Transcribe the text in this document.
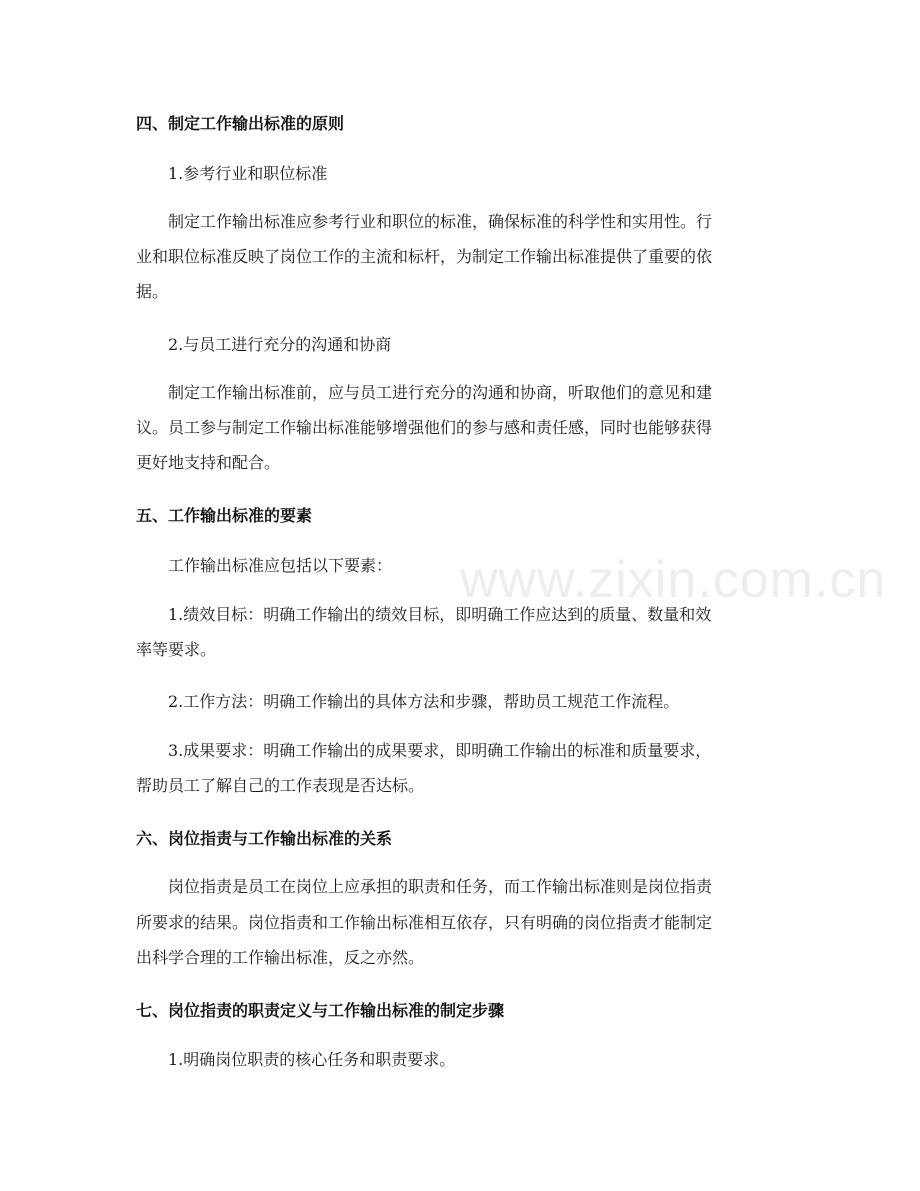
www.zixin.com.cn
四、制定工作输出标准的原则
1.参考行业和职位标准
制定工作输出标准应参考行业和职位的标准，确保标准的科学性和实用性。行
业和职位标准反映了岗位工作的主流和标杆，为制定工作输出标准提供了重要的依
据。
2.与员工进行充分的沟通和协商
制定工作输出标准前，应与员工进行充分的沟通和协商，听取他们的意见和建
议。员工参与制定工作输出标准能够增强他们的参与感和责任感，同时也能够获得
更好地支持和配合。
五、工作输出标准的要素
工作输出标准应包括以下要素：
1.绩效目标：明确工作输出的绩效目标，即明确工作应达到的质量、数量和效
率等要求。
2.工作方法：明确工作输出的具体方法和步骤，帮助员工规范工作流程。
3.成果要求：明确工作输出的成果要求，即明确工作输出的标准和质量要求，
帮助员工了解自己的工作表现是否达标。
六、岗位指责与工作输出标准的关系
岗位指责是员工在岗位上应承担的职责和任务，而工作输出标准则是岗位指责
所要求的结果。岗位指责和工作输出标准相互依存，只有明确的岗位指责才能制定
出科学合理的工作输出标准，反之亦然。
七、岗位指责的职责定义与工作输出标准的制定步骤
1.明确岗位职责的核心任务和职责要求。
